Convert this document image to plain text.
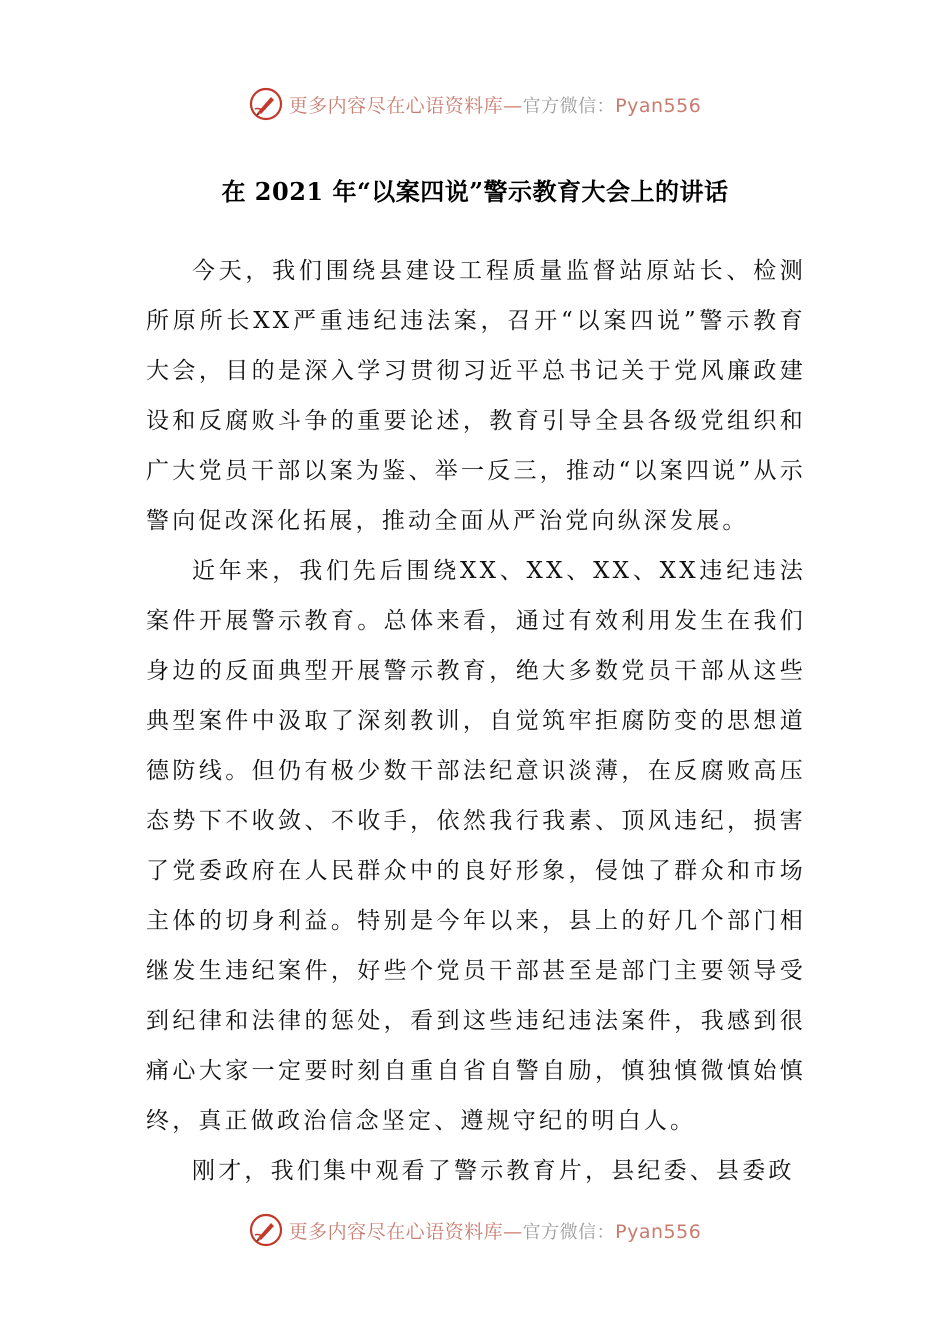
更多内容尽在心语资料库—官方微信：Pyan556
在 2021 年“以案四说”警示教育大会上的讲话

今天，我们围绕县建设工程质量监督站原站长、检测所原所长XX严重违纪违法案，召开“以案四说”警示教育大会，目的是深入学习贯彻习近平总书记关于党风廉政建设和反腐败斗争的重要论述，教育引导全县各级党组织和广大党员干部以案为鉴、举一反三，推动“以案四说”从示警向促改深化拓展，推动全面从严治党向纵深发展。

近年来，我们先后围绕XX、XX、XX、XX违纪违法案件开展警示教育。总体来看，通过有效利用发生在我们身边的反面典型开展警示教育，绝大多数党员干部从这些典型案件中汲取了深刻教训，自觉筑牢拒腐防变的思想道德防线。但仍有极少数干部法纪意识淡薄，在反腐败高压态势下不收敛、不收手，依然我行我素、顶风违纪，损害了党委政府在人民群众中的良好形象，侵蚀了群众和市场主体的切身利益。特别是今年以来，县上的好几个部门相继发生违纪案件，好些个党员干部甚至是部门主要领导受到纪律和法律的惩处，看到这些违纪违法案件，我感到很痛心大家一定要时刻自重自省自警自励，慎独慎微慎始慎终，真正做政治信念坚定、遵规守纪的明白人。

刚才，我们集中观看了警示教育片，县纪委、县委政

更多内容尽在心语资料库—官方微信：Pyan556
